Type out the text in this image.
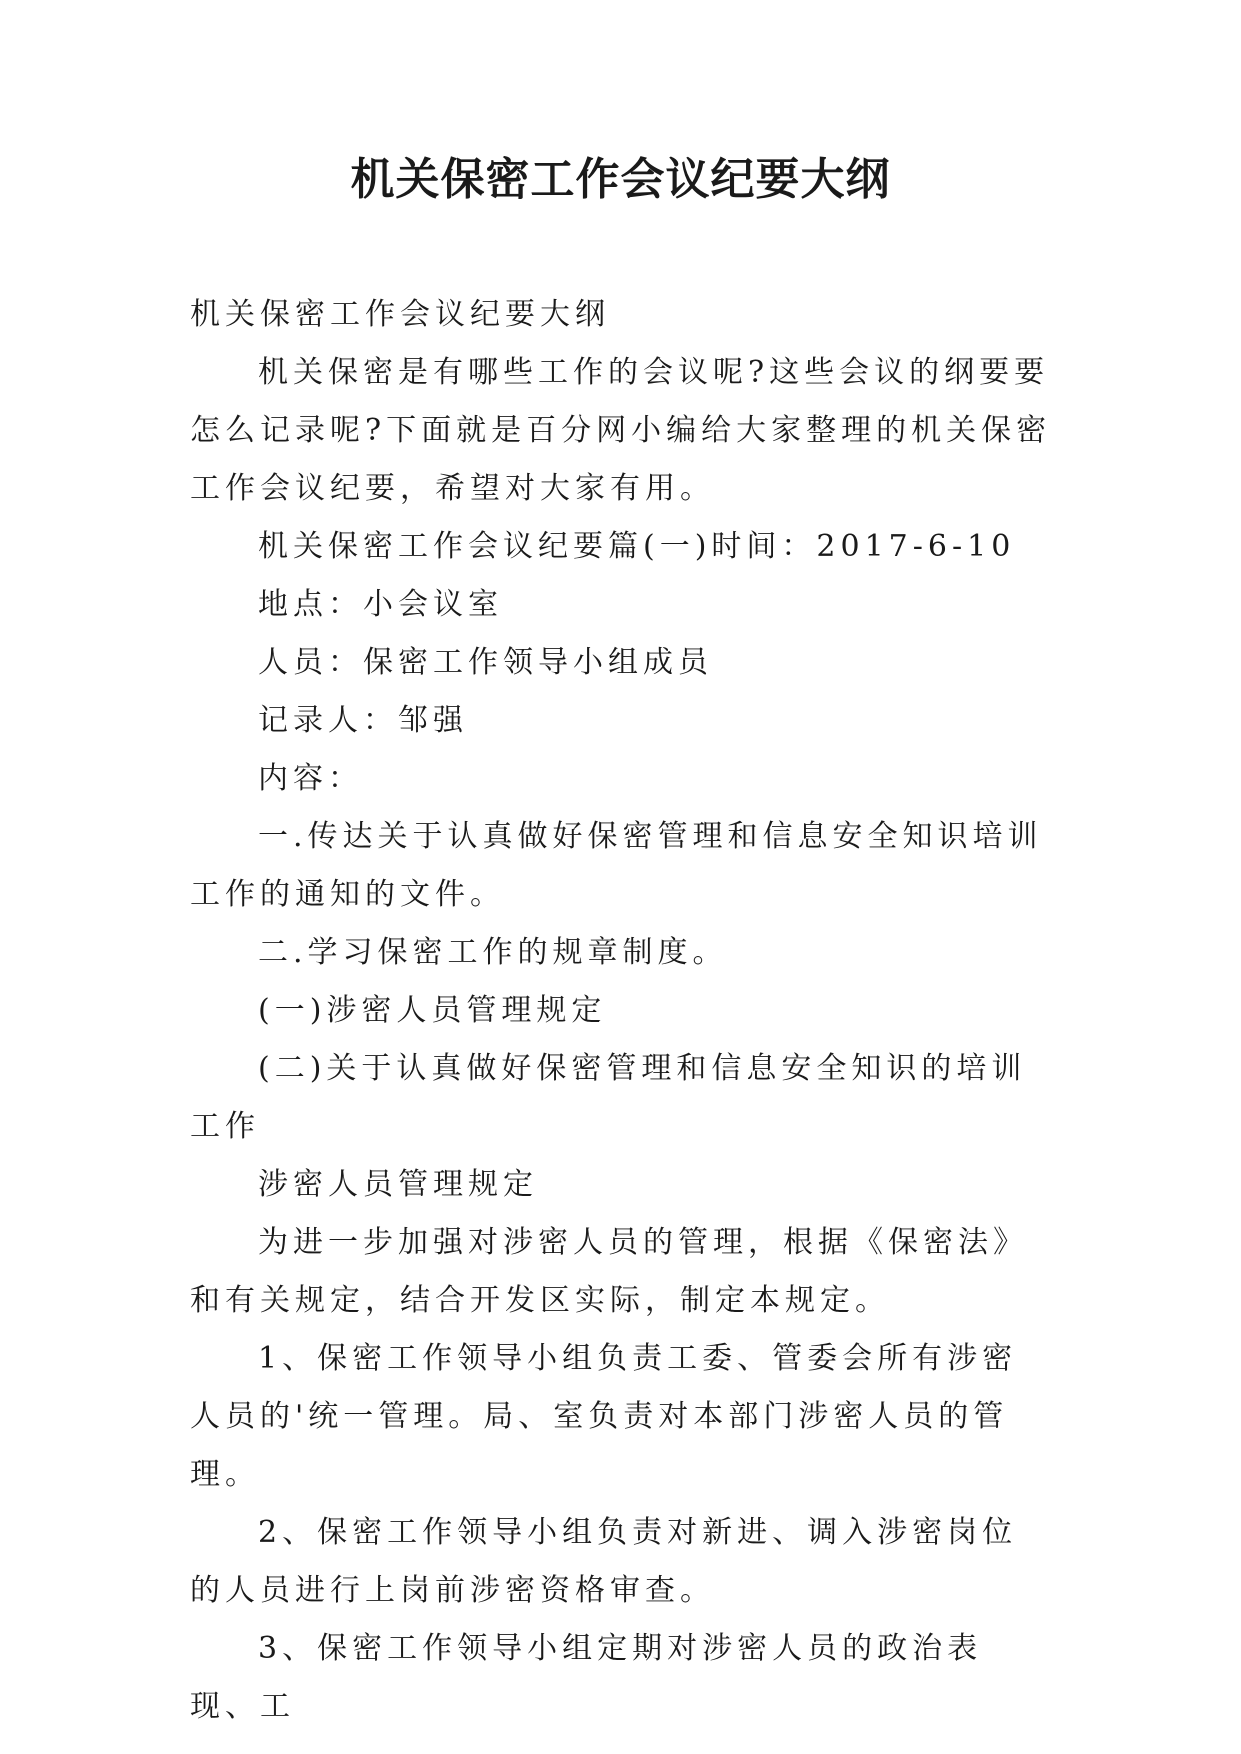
机关保密工作会议纪要大纲

机关保密工作会议纪要大纲

机关保密是有哪些工作的会议呢?这些会议的纲要要怎么记录呢?下面就是百分网小编给大家整理的机关保密工作会议纪要，希望对大家有用。

机关保密工作会议纪要篇(一)时间：2017-6-10

地点：小会议室

人员：保密工作领导小组成员

记录人：邹强

内容：

一.传达关于认真做好保密管理和信息安全知识培训工作的通知的文件。

二.学习保密工作的规章制度。

(一)涉密人员管理规定

(二)关于认真做好保密管理和信息安全知识的培训工作

涉密人员管理规定

为进一步加强对涉密人员的管理，根据《保密法》和有关规定，结合开发区实际，制定本规定。

1、保密工作领导小组负责工委、管委会所有涉密人员的'统一管理。局、室负责对本部门涉密人员的管理。

2、保密工作领导小组负责对新进、调入涉密岗位的人员进行上岗前涉密资格审查。

3、保密工作领导小组定期对涉密人员的政治表现、工
